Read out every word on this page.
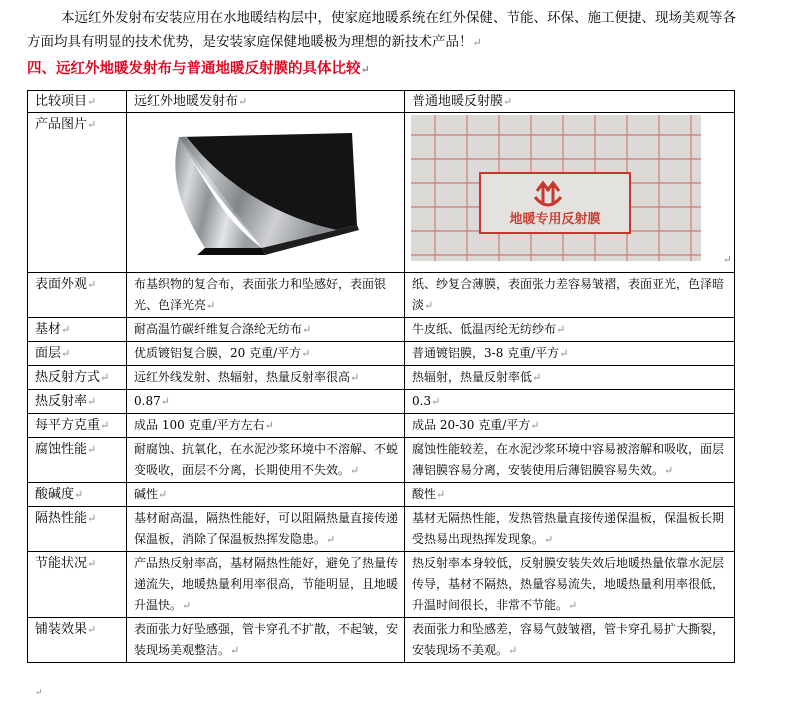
本远红外发射布安装应用在水地暖结构层中，使家庭地暖系统在红外保健、节能、环保、施工便捷、现场美观等各方面均具有明显的技术优势，是安装家庭保健地暖极为理想的新技术产品！↵

四、远红外地暖发射布与普通地暖反射膜的具体比较↵

比较项目↵	远红外地暖发射布↵	普通地暖反射膜↵
产品图片↵		地暖专用反射膜
↵

表面外观↵	布基织物的复合布，表面张力和坠感好，表面银光、色泽光亮↵	纸、纱复合薄膜，表面张力差容易皱褶，表面亚光，色泽暗淡↵
基材↵	耐高温竹碳纤维复合涤纶无纺布↵	牛皮纸、低温丙纶无纺纱布↵
面层↵	优质镀铝复合膜，20 克重/平方↵	普通镀铝膜，3-8 克重/平方↵
热反射方式↵	远红外线发射、热辐射，热量反射率很高↵	热辐射，热量反射率低↵
热反射率↵	0.87↵	0.3↵
每平方克重↵	成品 100 克重/平方左右↵	成品 20-30 克重/平方↵
腐蚀性能↵	耐腐蚀、抗氧化，在水泥沙浆环境中不溶解、不蜕变吸收，面层不分离，长期使用不失效。↵	腐蚀性能较差，在水泥沙浆环境中容易被溶解和吸收，面层薄铝膜容易分离，安装使用后薄铝膜容易失效。↵
酸碱度↵	碱性↵	酸性↵
隔热性能↵	基材耐高温，隔热性能好，可以阻隔热量直接传递保温板，消除了保温板热挥发隐患。↵	基材无隔热性能，发热管热量直接传递保温板，保温板长期受热易出现热挥发现象。↵
节能状况↵	产品热反射率高，基材隔热性能好，避免了热量传递流失，地暖热量利用率很高，节能明显，且地暖升温快。↵	热反射率本身较低，反射膜安装失效后地暖热量依靠水泥层传导，基材不隔热，热量容易流失，地暖热量利用率很低，升温时间很长，非常不节能。↵
铺装效果↵	表面张力好坠感强，管卡穿孔不扩散，不起皱，安装现场美观整洁。↵	表面张力和坠感差，容易气鼓皱褶，管卡穿孔易扩大撕裂，安装现场不美观。↵
↵
